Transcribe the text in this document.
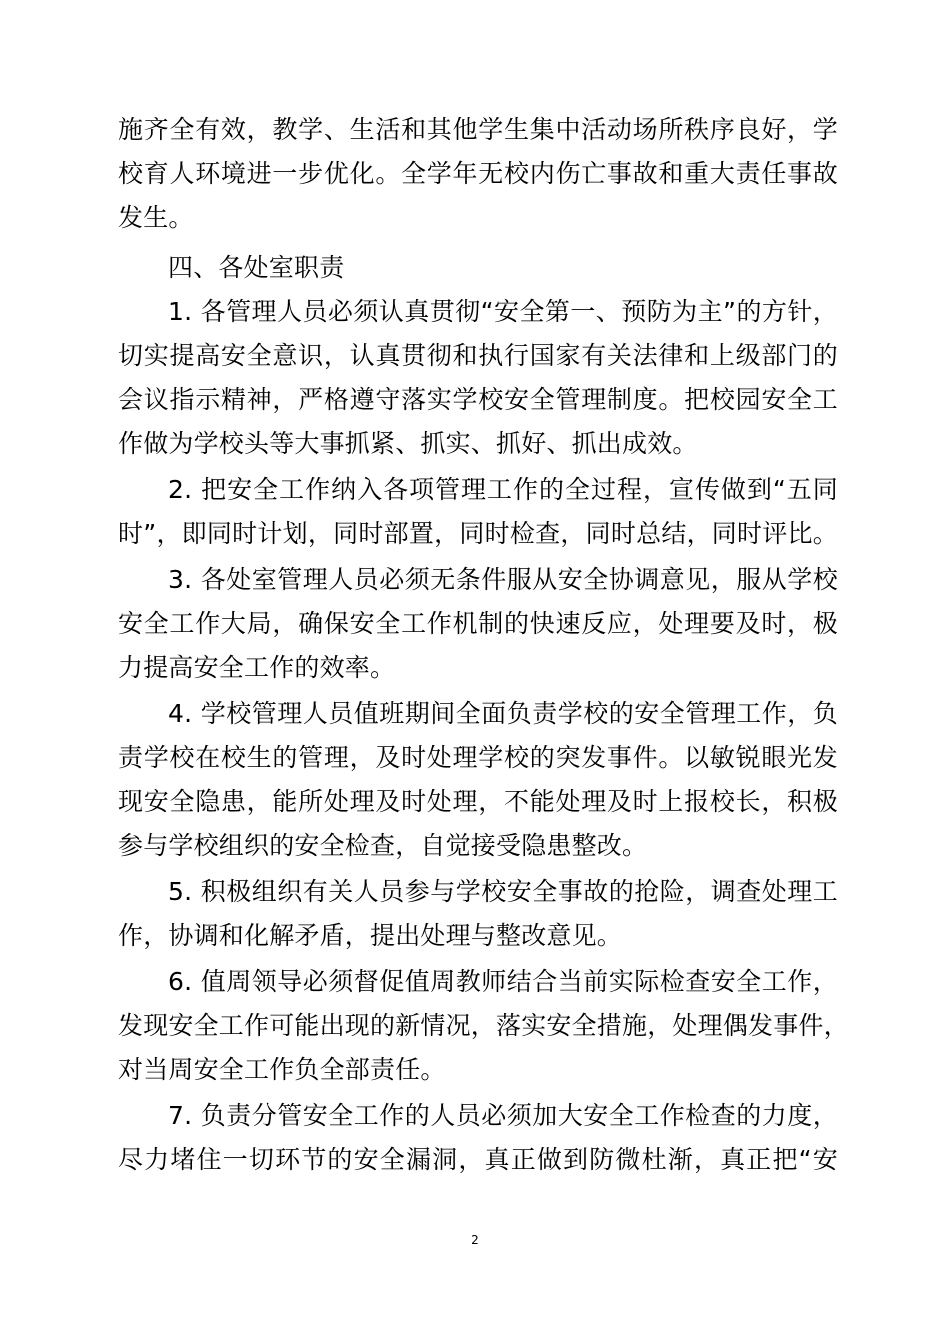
施齐全有效，教学、生活和其他学生集中活动场所秩序良好，学
校育人环境进一步优化。全学年无校内伤亡事故和重大责任事故
发生。
四、各处室职责
1. 各管理人员必须认真贯彻“安全第一、预防为主”的方针，
切实提高安全意识，认真贯彻和执行国家有关法律和上级部门的
会议指示精神，严格遵守落实学校安全管理制度。把校园安全工
作做为学校头等大事抓紧、抓实、抓好、抓出成效。
2. 把安全工作纳入各项管理工作的全过程，宣传做到“五同
时”，即同时计划，同时部置，同时检查，同时总结，同时评比。
3. 各处室管理人员必须无条件服从安全协调意见，服从学校
安全工作大局，确保安全工作机制的快速反应，处理要及时，极
力提高安全工作的效率。
4. 学校管理人员值班期间全面负责学校的安全管理工作，负
责学校在校生的管理，及时处理学校的突发事件。以敏锐眼光发
现安全隐患，能所处理及时处理，不能处理及时上报校长，积极
参与学校组织的安全检查，自觉接受隐患整改。
5. 积极组织有关人员参与学校安全事故的抢险，调查处理工
作，协调和化解矛盾，提出处理与整改意见。
6. 值周领导必须督促值周教师结合当前实际检查安全工作，
发现安全工作可能出现的新情况，落实安全措施，处理偶发事件，
对当周安全工作负全部责任。
7. 负责分管安全工作的人员必须加大安全工作检查的力度，
尽力堵住一切环节的安全漏洞，真正做到防微杜渐，真正把“安
2
